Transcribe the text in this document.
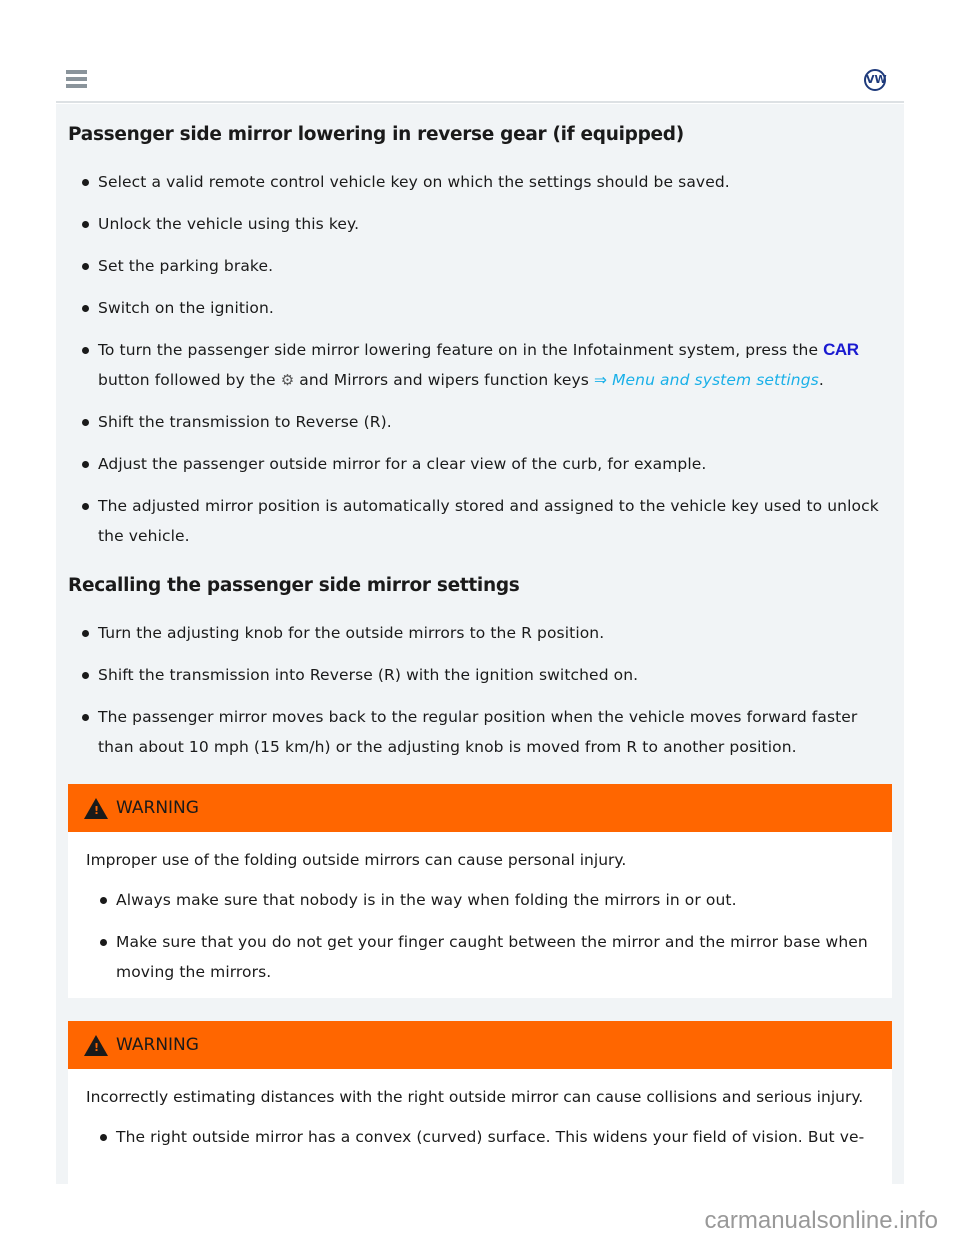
VW
Passenger side mirror lowering in reverse gear (if equipped)
Select a valid remote control vehicle key on which the settings should be saved.
Unlock the vehicle using this key.
Set the parking brake.
Switch on the ignition.
To turn the passenger side mirror lowering feature on in the Infotainment system, press the CAR button followed by the ⚙ and Mirrors and wipers function keys ⇒ Menu and system settings.
Shift the transmission to Reverse (R).
Adjust the passenger outside mirror for a clear view of the curb, for example.
The adjusted mirror position is automatically stored and assigned to the vehicle key used to unlock the vehicle.
Recalling the passenger side mirror settings
Turn the adjusting knob for the outside mirrors to the R position.
Shift the transmission into Reverse (R) with the ignition switched on.
The passenger mirror moves back to the regular position when the vehicle moves forward faster than about 10 mph (15 km/h) or the adjusting knob is moved from R to another position.
! WARNING
Improper use of the folding outside mirrors can cause personal injury.
Always make sure that nobody is in the way when folding the mirrors in or out.
Make sure that you do not get your finger caught between the mirror and the mirror base when moving the mirrors.
! WARNING
Incorrectly estimating distances with the right outside mirror can cause collisions and serious injury.
The right outside mirror has a convex (curved) surface. This widens your field of vision. But ve-
carmanualsonline.info
